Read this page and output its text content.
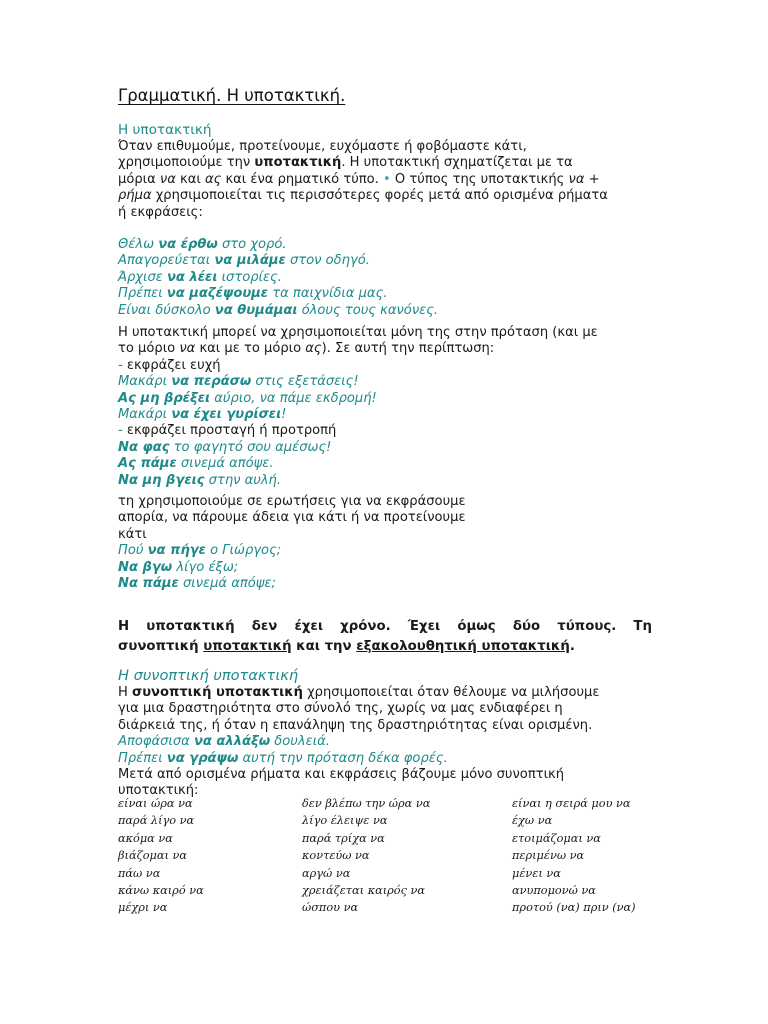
Γραμματική. Η υποτακτική.
Η υποτακτική
Όταν επιθυμούμε, προτείνουμε, ευχόμαστε ή φοβόμαστε κάτι,
χρησιμοποιούμε την υποτακτική. Η υποτακτική σχηματίζεται με τα
μόρια να και ας και ένα ρηματικό τύπο. • Ο τύπος της υποτακτικής να +
ρήμα χρησιμοποιείται τις περισσότερες φορές μετά από ορισμένα ρήματα
ή εκφράσεις:
Θέλω να έρθω στο χορό.
Απαγορεύεται να μιλάμε στον οδηγό.
Άρχισε να λέει ιστορίες.
Πρέπει να μαζέψουμε τα παιχνίδια μας.
Είναι δύσκολο να θυμάμαι όλους τους κανόνες.
Η υποτακτική μπορεί να χρησιμοποιείται μόνη της στην πρόταση (και με
το μόριο να και με το μόριο ας). Σε αυτή την περίπτωση:
- εκφράζει ευχή
Μακάρι να περάσω στις εξετάσεις!
Ας μη βρέξει αύριο, να πάμε εκδρομή!
Μακάρι να έχει γυρίσει!
- εκφράζει προσταγή ή προτροπή
Να φας το φαγητό σου αμέσως!
Ας πάμε σινεμά απόψε.
Να μη βγεις στην αυλή.
τη χρησιμοποιούμε σε ερωτήσεις για να εκφράσουμε
απορία, να πάρουμε άδεια για κάτι ή να προτείνουμε
κάτι
Πού να πήγε ο Γιώργος;
Να βγω λίγο έξω;
Να πάμε σινεμά απόψε;
Η υποτακτική δεν έχει χρόνο. Έχει όμως δύο τύπους. Τη
συνοπτική υποτακτική και την εξακολουθητική υποτακτική.
Η συνοπτική υποτακτική
Η συνοπτική υποτακτική χρησιμοποιείται όταν θέλουμε να μιλήσουμε
για μια δραστηριότητα στο σύνολό της, χωρίς να μας ενδιαφέρει η
διάρκειά της, ή όταν η επανάληψη της δραστηριότητας είναι ορισμένη.
Αποφάσισα να αλλάξω δουλειά.
Πρέπει να γράψω αυτή την πρόταση δέκα φορές.
Μετά από ορισμένα ρήματα και εκφράσεις βάζουμε μόνο συνοπτική
υποτακτική:
είναι ώρα να	δεν βλέπω την ώρα να	είναι η σειρά μου να
παρά λίγο να	λίγο έλειψε να	έχω να
ακόμα να	παρά τρίχα να	ετοιμάζομαι να
βιάζομαι να	κοντεύω να	περιμένω να
πάω να	αργώ να	μένει να
κάνω καιρό να	χρειάζεται καιρός να	ανυπομονώ να
μέχρι να	ώσπου να	προτού (να) πριν (να)
